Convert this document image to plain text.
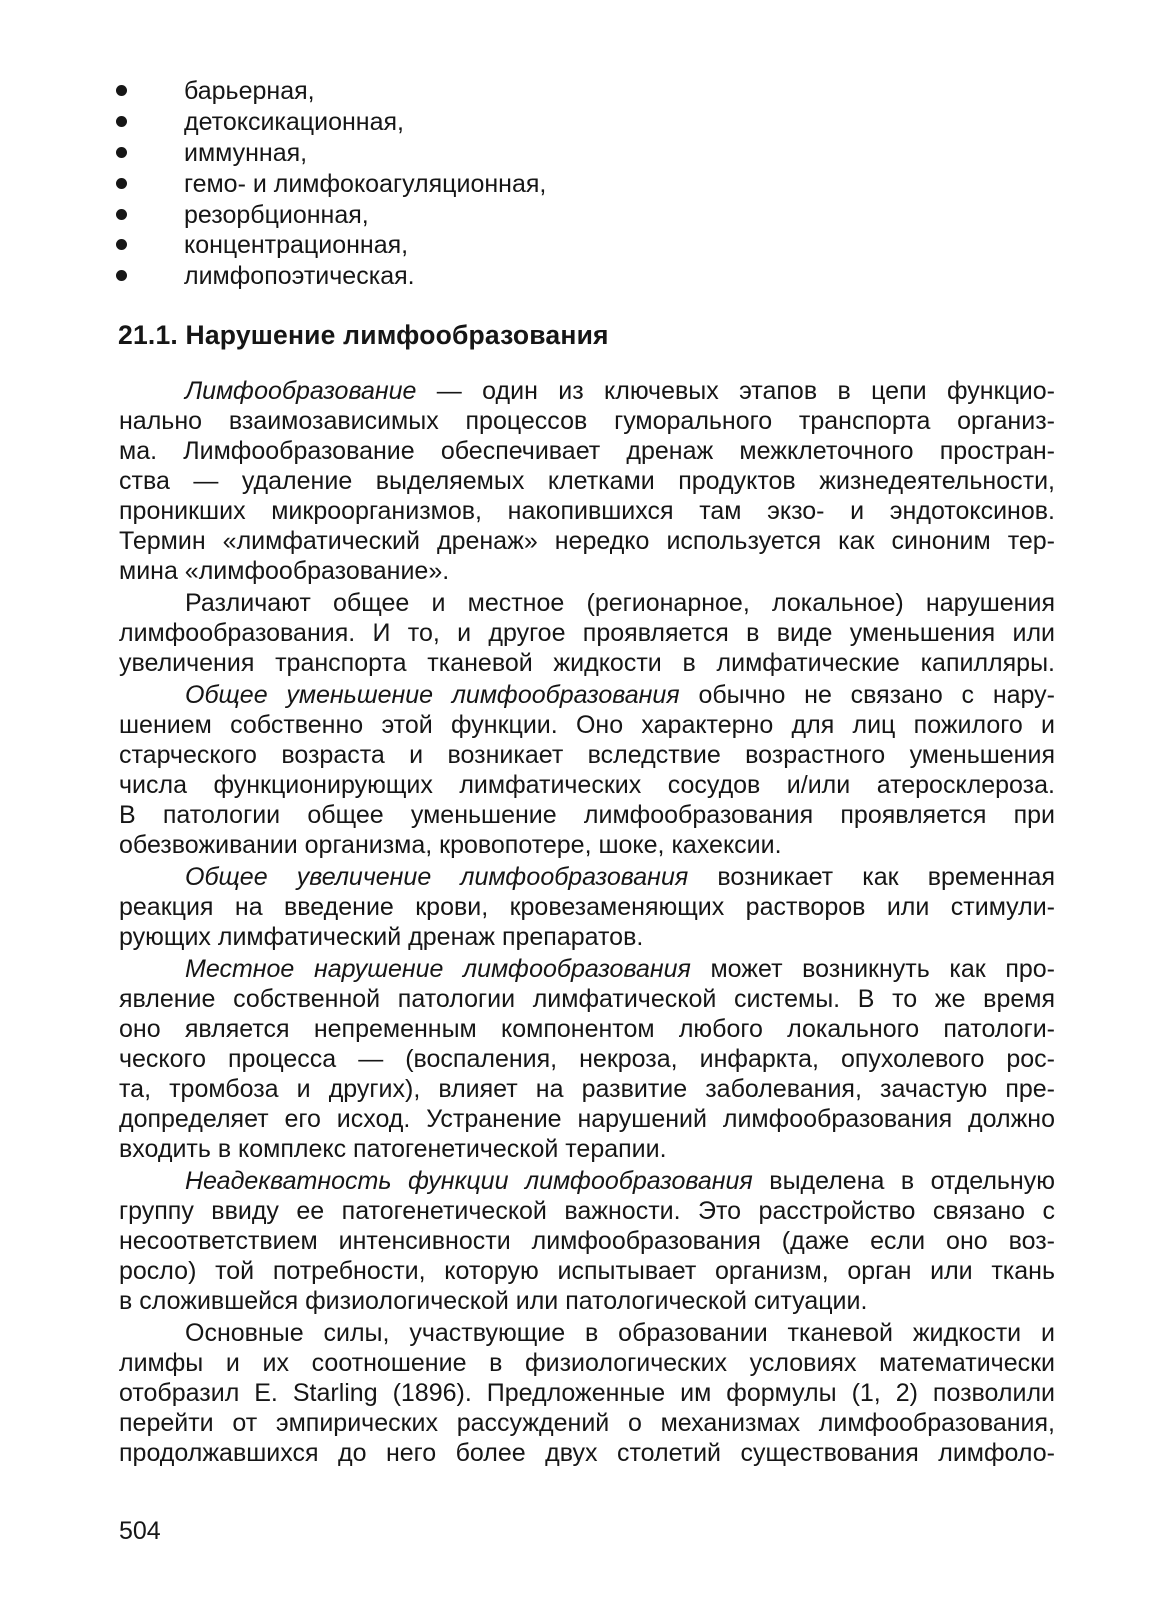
барьерная,
детоксикационная,
иммунная,
гемо- и лимфокоагуляционная,
резорбционная,
концентрационная,
лимфопоэтическая.
21.1. Нарушение лимфообразования
Лимфообразование — один из ключевых этапов в цепи функцио-
нально взаимозависимых процессов гуморального транспорта организ-
ма. Лимфообразование обеспечивает дренаж межклеточного простран-
ства — удаление выделяемых клетками продуктов жизнедеятельности,
проникших микроорганизмов, накопившихся там экзо- и эндотоксинов.
Термин «лимфатический дренаж» нередко используется как синоним тер-
мина «лимфообразование».
Различают общее и местное (регионарное, локальное) нарушения
лимфообразования. И то, и другое проявляется в виде уменьшения или
увеличения транспорта тканевой жидкости в лимфатические капилляры.
Общее уменьшение лимфообразования обычно не связано с нару-
шением собственно этой функции. Оно характерно для лиц пожилого и
старческого возраста и возникает вследствие возрастного уменьшения
числа функционирующих лимфатических сосудов и/или атеросклероза.
В патологии общее уменьшение лимфообразования проявляется при
обезвоживании организма, кровопотере, шоке, кахексии.
Общее увеличение лимфообразования возникает как временная
реакция на введение крови, кровезаменяющих растворов или стимули-
рующих лимфатический дренаж препаратов.
Местное нарушение лимфообразования может возникнуть как про-
явление собственной патологии лимфатической системы. В то же время
оно является непременным компонентом любого локального патологи-
ческого процесса — (воспаления, некроза, инфаркта, опухолевого рос-
та, тромбоза и других), влияет на развитие заболевания, зачастую пре-
допределяет его исход. Устранение нарушений лимфообразования должно
входить в комплекс патогенетической терапии.
Неадекватность функции лимфообразования выделена в отдельную
группу ввиду ее патогенетической важности. Это расстройство связано с
несоответствием интенсивности лимфообразования (даже если оно воз-
росло) той потребности, которую испытывает организм, орган или ткань
в сложившейся физиологической или патологической ситуации.
Основные силы, участвующие в образовании тканевой жидкости и
лимфы и их соотношение в физиологических условиях математически
отобразил E. Starling (1896). Предложенные им формулы (1, 2) позволили
перейти от эмпирических рассуждений о механизмах лимфообразования,
продолжавшихся до него более двух столетий существования лимфоло-
504
